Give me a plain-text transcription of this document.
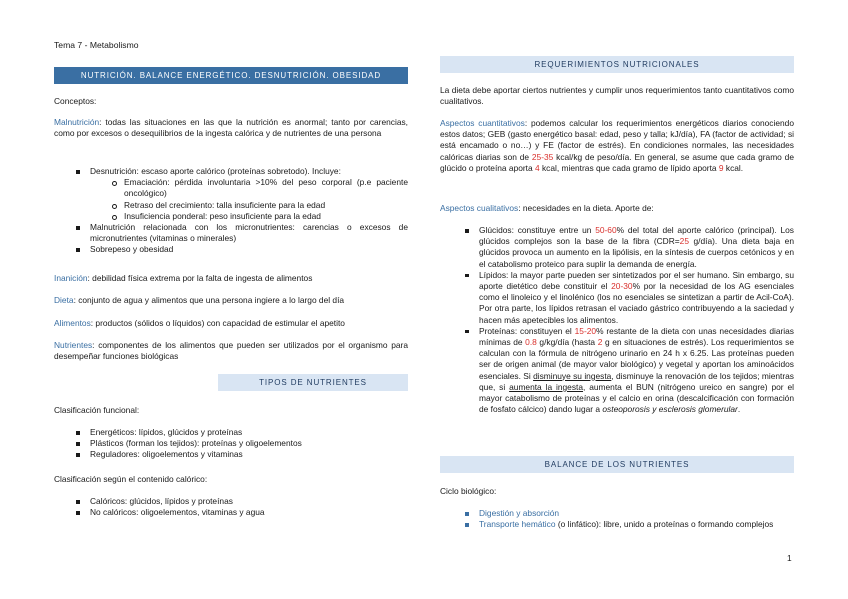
Tema 7 - Metabolismo
NUTRICIÓN. BALANCE ENERGÉTICO. DESNUTRICIÓN. OBESIDAD
Conceptos:
Malnutrición: todas las situaciones en las que la nutrición es anormal; tanto por carencias, como por excesos o desequilibrios de la ingesta calórica y de nutrientes de una persona
Desnutrición: escaso aporte calórico (proteínas sobretodo). Incluye:
Emaciación: pérdida involuntaria >10% del peso corporal (p.e paciente oncológico)
Retraso del crecimiento: talla insuficiente para la edad
Insuficiencia ponderal: peso insuficiente para la edad
Malnutrición relacionada con los micronutrientes: carencias o excesos de micronutrientes (vitaminas o minerales)
Sobrepeso y obesidad
Inanición: debilidad física extrema por la falta de ingesta de alimentos
Dieta: conjunto de agua y alimentos que una persona ingiere a lo largo del día
Alimentos: productos (sólidos o líquidos) con capacidad de estimular el apetito
Nutrientes: componentes de los alimentos que pueden ser utilizados por el organismo para desempeñar funciones biológicas
TIPOS DE NUTRIENTES
Clasificación funcional:
Energéticos: lípidos, glúcidos y proteínas
Plásticos (forman los tejidos): proteínas y oligoelementos
Reguladores: oligoelementos y vitaminas
Clasificación según el contenido calórico:
Calóricos: glúcidos, lípidos y proteínas
No calóricos: oligoelementos, vitaminas y agua
REQUERIMIENTOS NUTRICIONALES
La dieta debe aportar ciertos nutrientes y cumplir unos requerimientos tanto cuantitativos como cualitativos.
Aspectos cuantitativos: podemos calcular los requerimientos energéticos diarios conociendo estos datos; GEB (gasto energético basal: edad, peso y talla; kJ/día), FA (factor de actividad; si está encamado o no…) y FE (factor de estrés). En condiciones normales, las necesidades calóricas diarias son de 25-35 kcal/kg de peso/día. En general, se asume que cada gramo de glúcido o proteína aporta 4 kcal, mientras que cada gramo de lípido aporta 9 kcal.
Aspectos cualitativos: necesidades en la dieta. Aporte de:
Glúcidos: constituye entre un 50-60% del total del aporte calórico (principal). Los glúcidos complejos son la base de la fibra (CDR=25 g/día). Una dieta baja en glúcidos provoca un aumento en la lipólisis, en la síntesis de cuerpos cetónicos y en el catabolismo proteico para suplir la demanda de energía.
Lípidos: la mayor parte pueden ser sintetizados por el ser humano. Sin embargo, su aporte dietético debe constituir el 20-30% por la necesidad de los AG esenciales como el linoleico y el linolénico (los no esenciales se sintetizan a partir de Acil-CoA). Por otra parte, los lípidos retrasan el vaciado gástrico contribuyendo a la saciedad y hacen más apetecibles los alimentos.
Proteínas: constituyen el 15-20% restante de la dieta con unas necesidades diarias mínimas de 0.8 g/kg/día (hasta 2 g en situaciones de estrés). Los requerimientos se calculan con la fórmula de nitrógeno urinario en 24 h x 6.25. Las proteínas pueden ser de origen animal (de mayor valor biológico) y vegetal y aportan los aminoácidos esenciales. Si disminuye su ingesta, disminuye la renovación de los tejidos; mientras que, si aumenta la ingesta, aumenta el BUN (nitrógeno ureico en sangre) por el mayor catabolismo de proteínas y el calcio en orina (descalcificación con formación de fosfato cálcico) dando lugar a osteoporosis y esclerosis glomerular.
BALANCE DE LOS NUTRIENTES
Ciclo biológico:
Digestión y absorción
Transporte hemático (o linfático): libre, unido a proteínas o formando complejos
1
